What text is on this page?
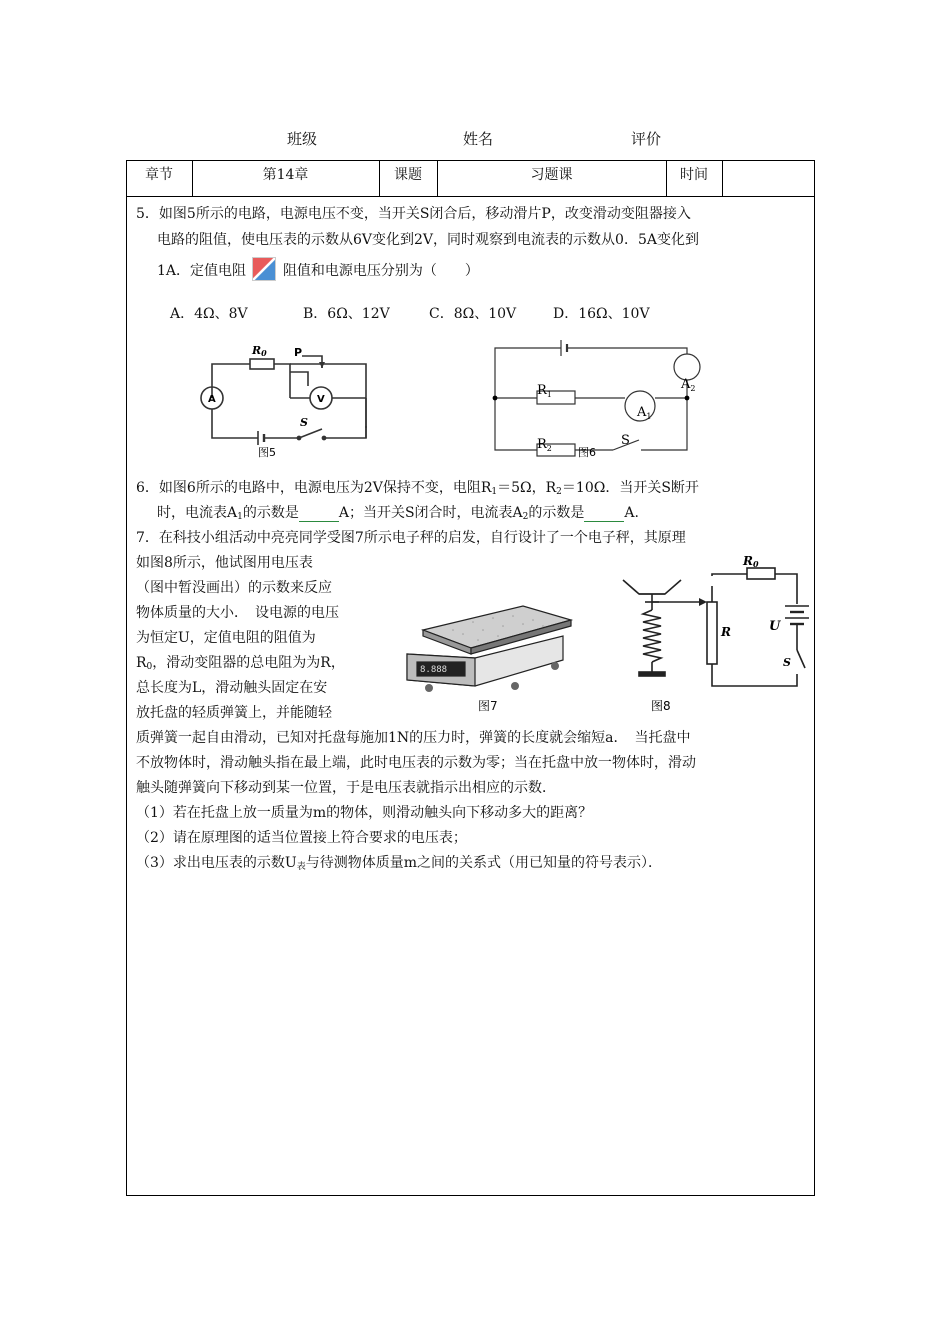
班级	姓名	评价
章节	第14章	课题	习题课	时间
5．如图5所示的电路，电源电压不变，当开关S闭合后，移动滑片P，改变滑动变阻器接入
电路的阻值，使电压表的示数从6V变化到2V，同时观察到电流表的示数从0．5A变化到
1A．定值电阻	阻值和电源电压分别为（　　）
A．4Ω、8V	B．6Ω、12V	C．8Ω、10V	D．16Ω、10V
R0 P
A	V
S
图5
$R_1$
$R_2$
$A_2$
$A_1$
S
图6
6．如图6所示的电路中，电源电压为2V保持不变，电阻$R_1=5\Omega$，$R_2=10\Omega$．当开关S断开
时，电流表$A_1$的示数是	A；当开关S闭合时，电流表$A_2$的示数是	A.
7．在科技小组活动中亮亮同学受图7所示电子秤的启发，自行设计了一个电子秤，其原理
如图8所示，他试图用电压表
（图中暂没画出）的示数来反应
物体质量的大小．　设电源的电压
为恒定U，定值电阻的阻值为
$R_0$，滑动变阻器的总电阻为为R，
总长度为L，滑动触头固定在安
放托盘的轻质弹簧上，并能随轻
8.888
图7
R0
R	U
S
图8
质弹簧一起自由滑动，已知对托盘每施加1N的压力时，弹簧的长度就会缩短a．　当托盘中
不放物体时，滑动触头指在最上端，此时电压表的示数为零；当在托盘中放一物体时，滑动
触头随弹簧向下移动到某一位置，于是电压表就指示出相应的示数．
（1）若在托盘上放一质量为m的物体，则滑动触头向下移动多大的距离？
（2）请在原理图的适当位置接上符合要求的电压表；
（3）求出电压表的示数$U_表$与待测物体质量m之间的关系式（用已知量的符号表示）．
